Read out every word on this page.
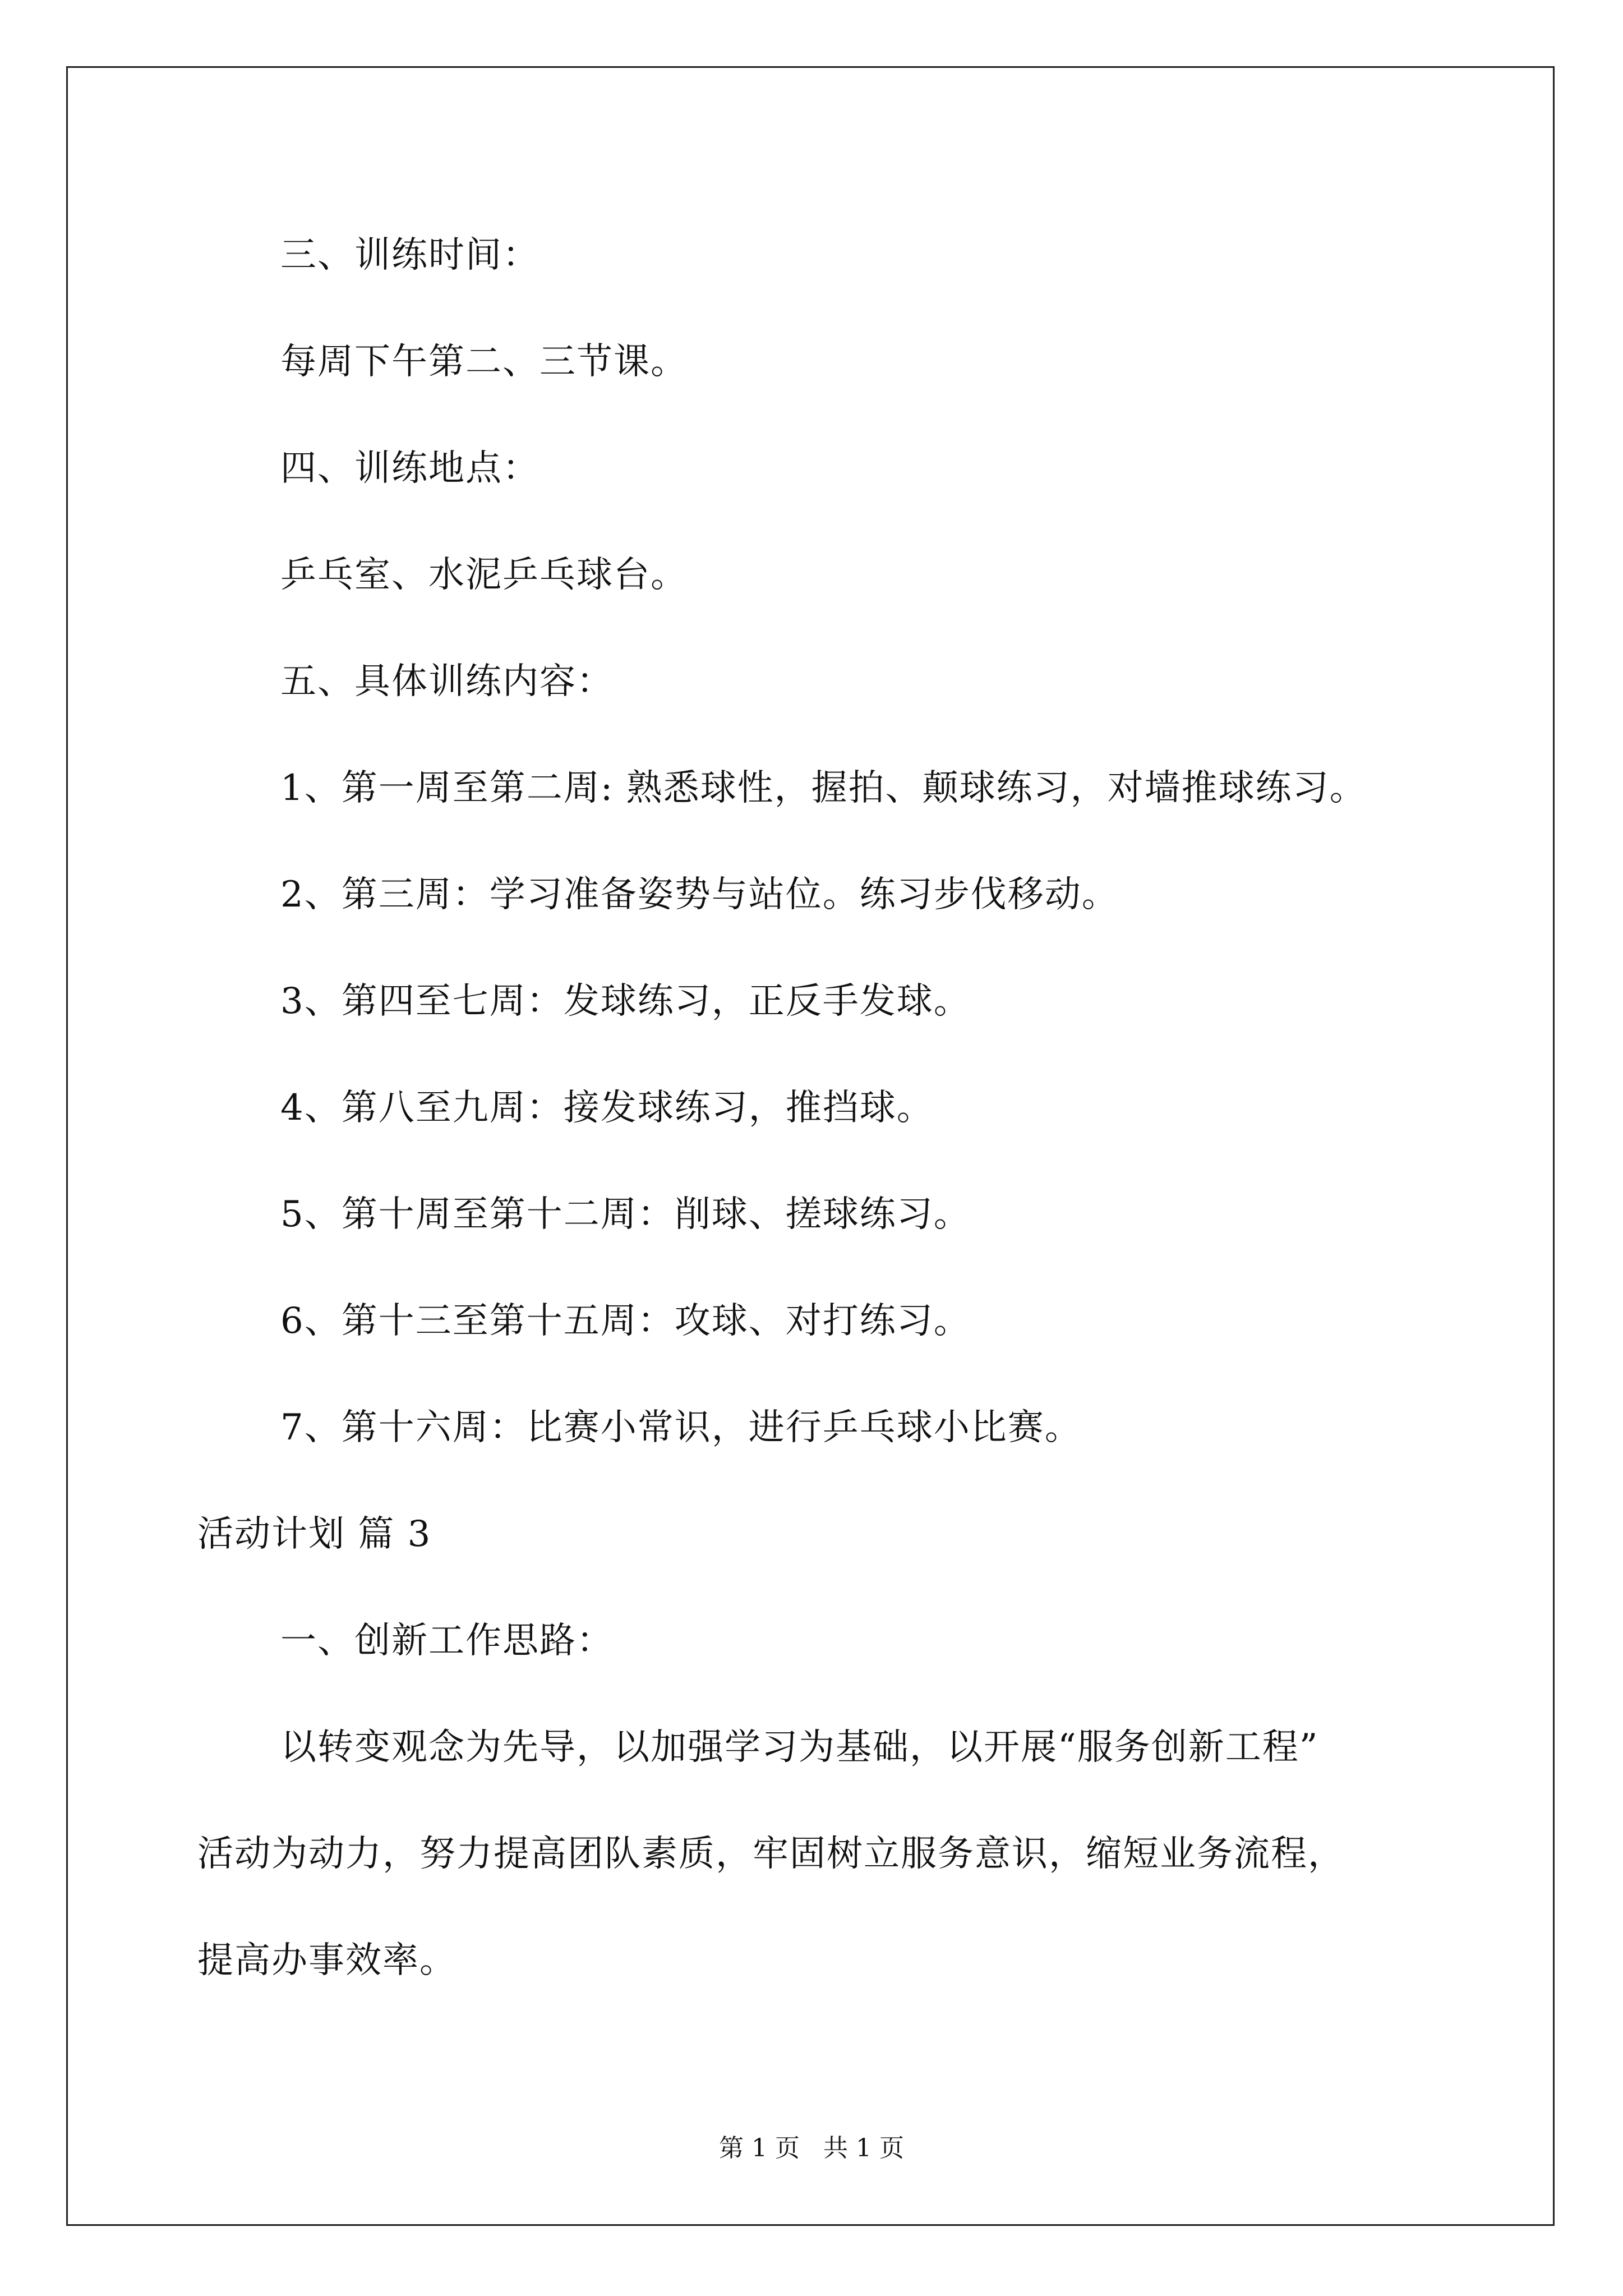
三、训练时间：
每周下午第二、三节课。
四、训练地点：
乒乓室、水泥乒乓球台。
五、具体训练内容：
1、第一周至第二周: 熟悉球性，握拍、颠球练习，对墙推球练习。
2、第三周：学习准备姿势与站位。练习步伐移动。
3、第四至七周：发球练习，正反手发球。
4、第八至九周：接发球练习，推挡球。
5、第十周至第十二周：削球、搓球练习。
6、第十三至第十五周：攻球、对打练习。
7、第十六周：比赛小常识，进行乒乓球小比赛。
活动计划 篇 3
一、创新工作思路：
以转变观念为先导，以加强学习为基础，以开展“服务创新工程”
活动为动力，努力提高团队素质，牢固树立服务意识，缩短业务流程，
提高办事效率。
第 1 页   共 1 页
